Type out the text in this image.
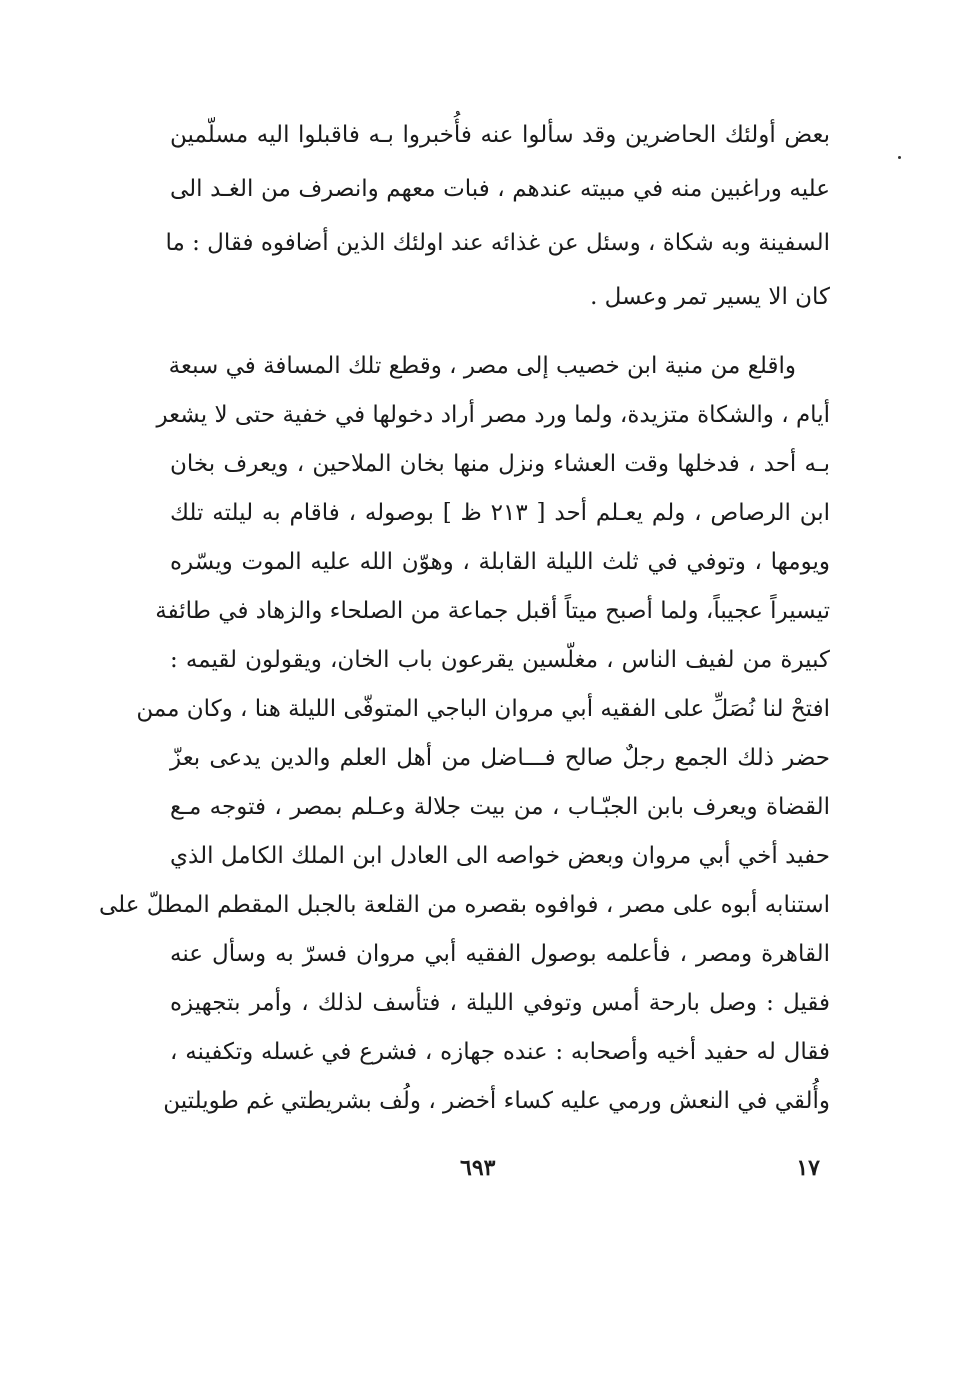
بعض أولئك الحاضرين وقد سألوا عنه فأُخبروا بـه فاقبلوا اليه مسلّمين
عليه وراغبين منه في مبيته عندهم ، فبات معهم وانصرف من الغـد الى
السفينة وبه شكاة ، وسئل عن غذائه عند اولئك الذين أضافوه فقال : ما
كان الا يسير تمر وعسل .
واقلع من منية ابن خصيب إلى مصر ، وقطع تلك المسافة في سبعة
أيام ، والشكاة متزيدة، ولما ورد مصر أراد دخولها في خفية حتى لا يشعر
بـه أحد ، فدخلها وقت العشاء ونزل منها بخان الملاحين ، ويعرف بخان
ابن الرصاص ، ولم يعـلم أحد [ ٢١٣ ظ ] بوصوله ، فاقام به ليلته تلك
ويومها ، وتوفي في ثلث الليلة القابلة ، وهوّن الله عليه الموت ويسّره
تيسيراً عجيباً، ولما أصبح ميتاً أقبل جماعة من الصلحاء والزهاد في طائفة
كبيرة من لفيف الناس ، مغلّسين يقرعون باب الخان، ويقولون لقيمه :
افتحْ لنا نُصَلِّ على الفقيه أبي مروان الباجي المتوفّى الليلة هنا ، وكان ممن
حضر ذلك الجمع رجلٌ صالح فـــاضل من أهل العلم والدين يدعى بعزّ
القضاة ويعرف بابن الجبّـاب ، من بيت جلالة وعـلم بمصر ، فتوجه مـع
حفيد أخي أبي مروان وبعض خواصه الى العادل ابن الملك الكامل الذي
استنابه أبوه على مصر ، فوافوه بقصره من القلعة بالجبل المقطم المطلّ على
القاهرة ومصر ، فأعلمه بوصول الفقيه أبي مروان فسرّ به وسأل عنه
فقيل : وصل بارحة أمس وتوفي الليلة ، فتأسف لذلك ، وأمر بتجهيزه
فقال له حفيد أخيه وأصحابه : عنده جهازه ، فشرع في غسله وتكفينه ،
وأُلقي في النعش ورمي عليه كساء أخضر ، ولُف بشريطتي غم طويلتين
١٧
٦٩٣
